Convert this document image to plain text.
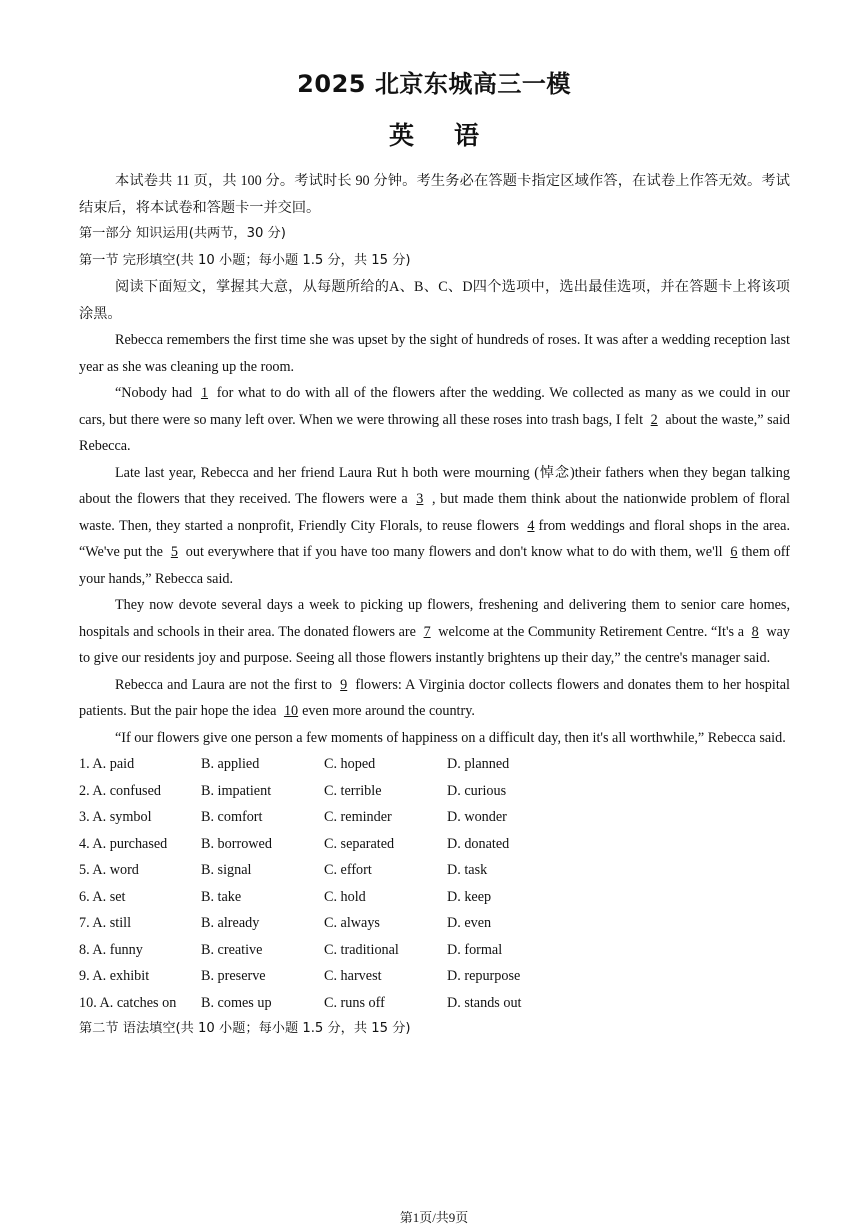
2025 北京东城高三一模
英语

本试卷共 11 页，共 100 分。考试时长 90 分钟。考生务必在答题卡指定区域作答，在试卷上作答无效。考试结束后，将本试卷和答题卡一并交回。

第一部分 知识运用(共两节，30 分)

第一节 完形填空(共 10 小题；每小题 1.5 分，共 15 分)

阅读下面短文，掌握其大意，从每题所给的A、B、C、D四个选项中，选出最佳选项，并在答题卡上将该项涂黑。

Rebecca remembers the first time she was upset by the sight of hundreds of roses. It was after a wedding reception last year as she was cleaning up the room.

“Nobody had 1 for what to do with all of the flowers after the wedding. We collected as many as we could in our cars, but there were so many left over. When we were throwing all these roses into trash bags, I felt 2 about the waste,” said Rebecca.

Late last year, Rebecca and her friend Laura Rut h both were mourning (悼念)their fathers when they began talking about the flowers that they received. The flowers were a 3 , but made them think about the nationwide problem of floral waste. Then, they started a nonprofit, Friendly City Florals, to reuse flowers 4 from weddings and floral shops in the area. “We've put the 5 out everywhere that if you have too many flowers and don't know what to do with them, we'll 6 them off your hands,” Rebecca said.

They now devote several days a week to picking up flowers, freshening and delivering them to senior care homes, hospitals and schools in their area. The donated flowers are 7 welcome at the Community Retirement Centre. “It's a 8 way to give our residents joy and purpose. Seeing all those flowers instantly brightens up their day,” the centre's manager said.

Rebecca and Laura are not the first to 9 flowers: A Virginia doctor collects flowers and donates them to her hospital patients. But the pair hope the idea 10 even more around the country.

“If our flowers give one person a few moments of happiness on a difficult day, then it's all worthwhile,” Rebecca said.

1. A. paid	B. applied	C. hoped	D. planned
2. A. confused	B. impatient	C. terrible	D. curious
3. A. symbol	B. comfort	C. reminder	D. wonder
4. A. purchased	B. borrowed	C. separated	D. donated
5. A. word	B. signal	C. effort	D. task
6. A. set	B. take	C. hold	D. keep
7. A. still	B. already	C. always	D. even
8. A. funny	B. creative	C. traditional	D. formal
9. A. exhibit	B. preserve	C. harvest	D. repurpose
10. A. catches on	B. comes up	C. runs off	D. stands out

第二节 语法填空(共 10 小题；每小题 1.5 分，共 15 分)

第1页/共9页
